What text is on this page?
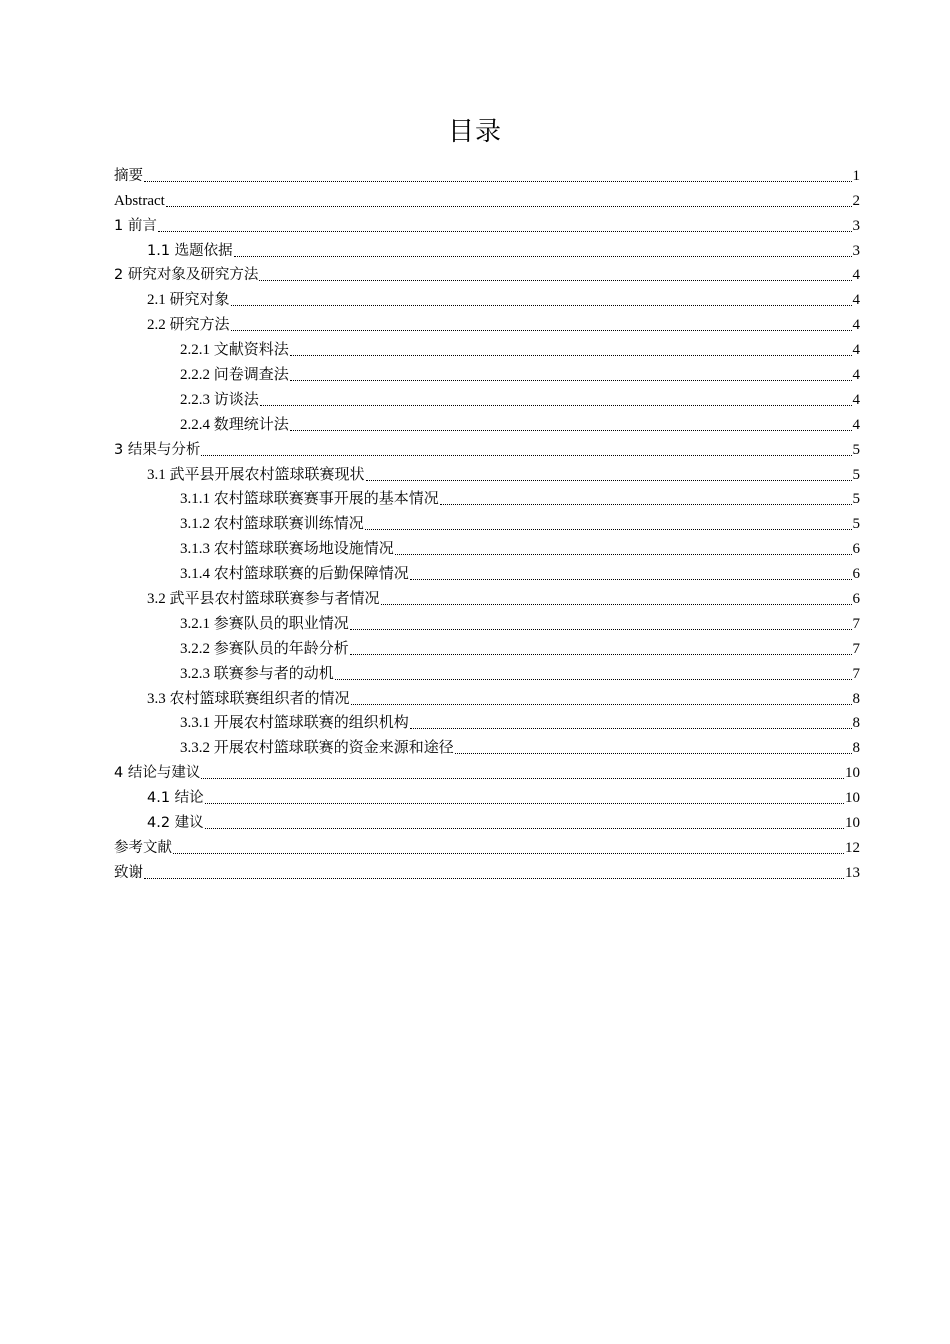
目录
摘要	1
Abstract	2
1 前言	3
1.1 选题依据	3
2 研究对象及研究方法	4
2.1 研究对象	4
2.2 研究方法	4
2.2.1 文献资料法	4
2.2.2 问卷调查法	4
2.2.3 访谈法	4
2.2.4 数理统计法	4
3 结果与分析	5
3.1 武平县开展农村篮球联赛现状	5
3.1.1 农村篮球联赛赛事开展的基本情况	5
3.1.2 农村篮球联赛训练情况	5
3.1.3 农村篮球联赛场地设施情况	6
3.1.4 农村篮球联赛的后勤保障情况	6
3.2 武平县农村篮球联赛参与者情况	6
3.2.1 参赛队员的职业情况	7
3.2.2 参赛队员的年龄分析	7
3.2.3 联赛参与者的动机	7
3.3 农村篮球联赛组织者的情况	8
3.3.1 开展农村篮球联赛的组织机构	8
3.3.2 开展农村篮球联赛的资金来源和途径	8
4 结论与建议	10
4.1 结论	10
4.2 建议	10
参考文献	12
致谢	13
